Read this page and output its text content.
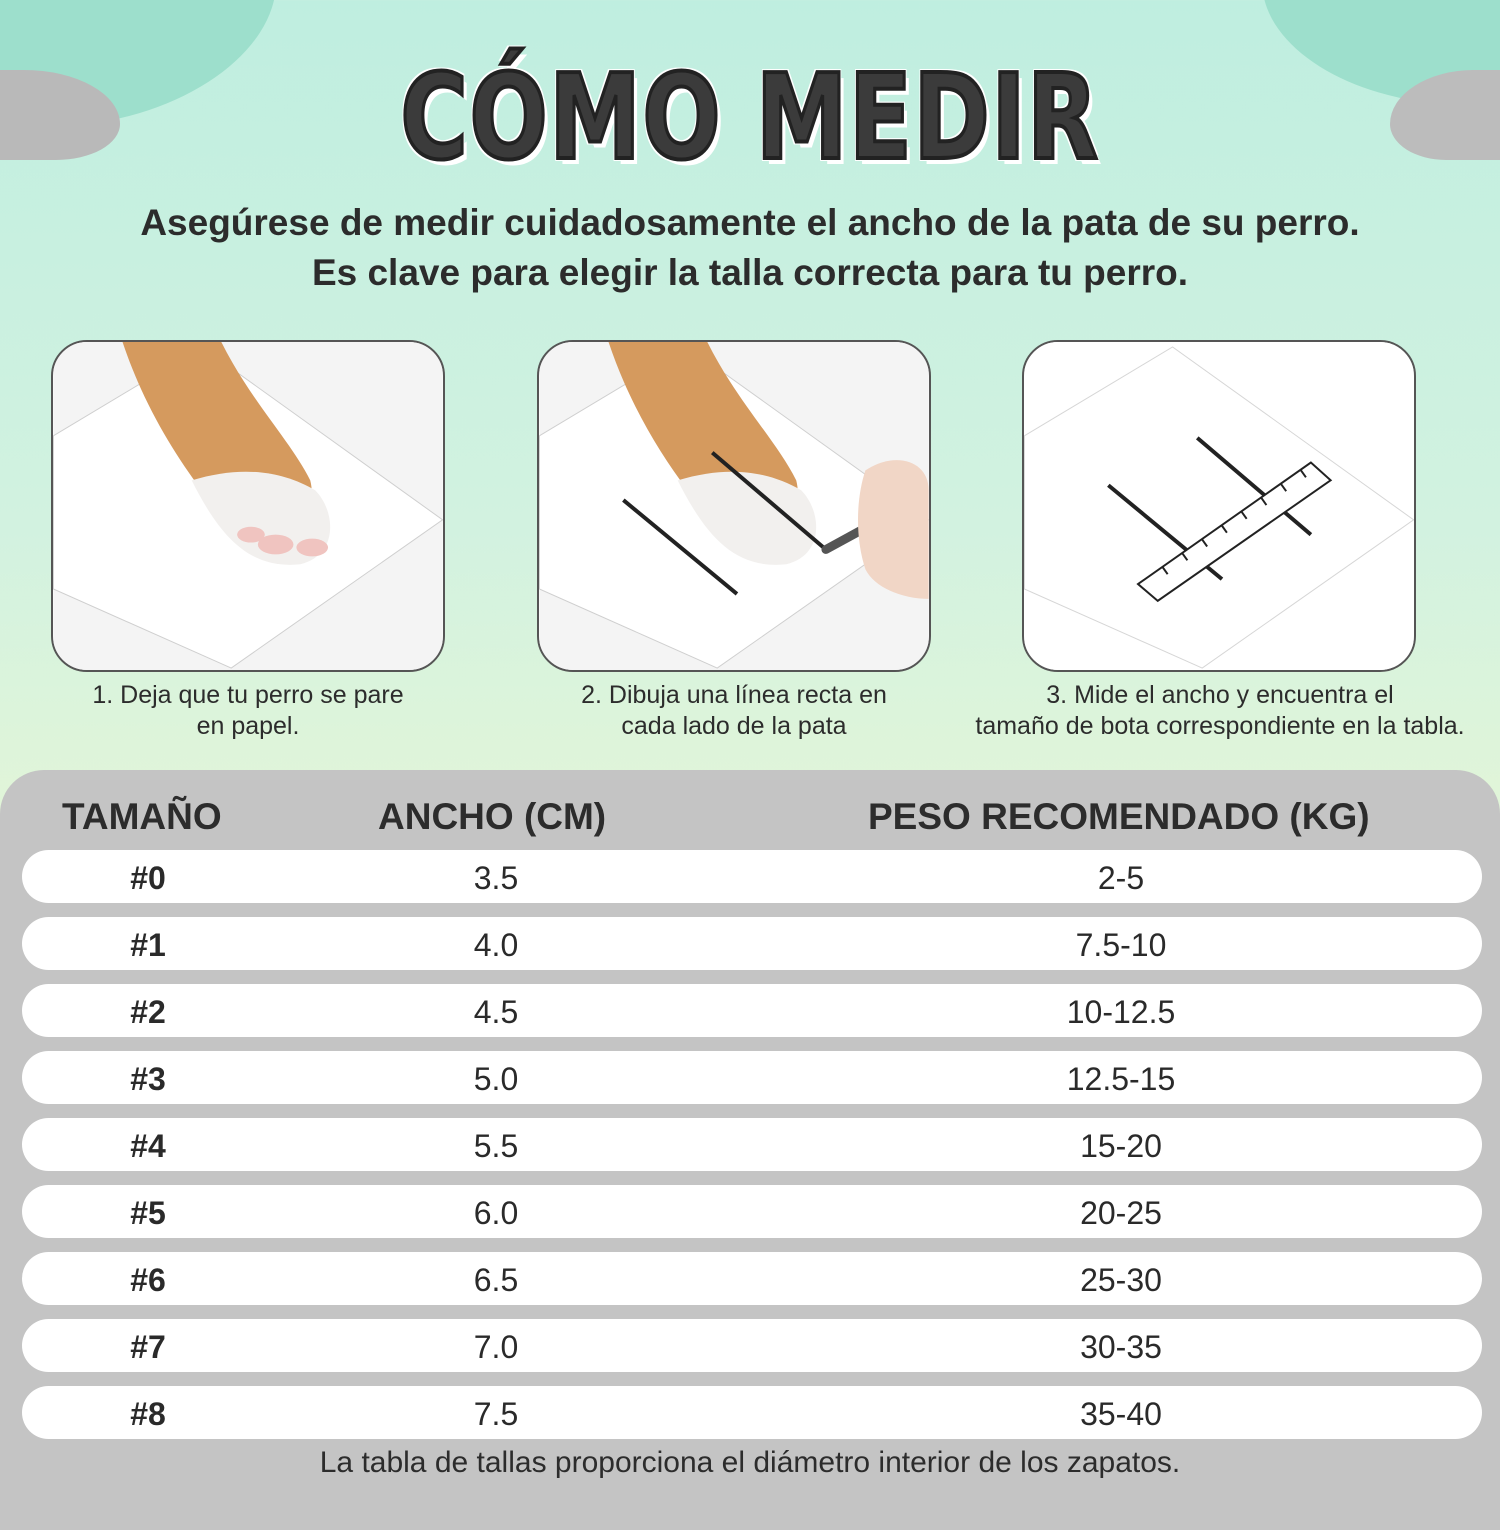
CÓMO MEDIR
Asegúrese de medir cuidadosamente el ancho de la pata de su perro.
Es clave para elegir la talla correcta para tu perro.
1. Deja que tu perro se pare
en papel.
2. Dibuja una línea recta en
cada lado de la pata
3. Mide el ancho y encuentra el
tamaño de bota correspondiente en la tabla.
TAMAÑO	ANCHO (CM)	PESO RECOMENDADO (KG)
#0	3.5	2-5
#1	4.0	7.5-10
#2	4.5	10-12.5
#3	5.0	12.5-15
#4	5.5	15-20
#5	6.0	20-25
#6	6.5	25-30
#7	7.0	30-35
#8	7.5	35-40
La tabla de tallas proporciona el diámetro interior de los zapatos.
